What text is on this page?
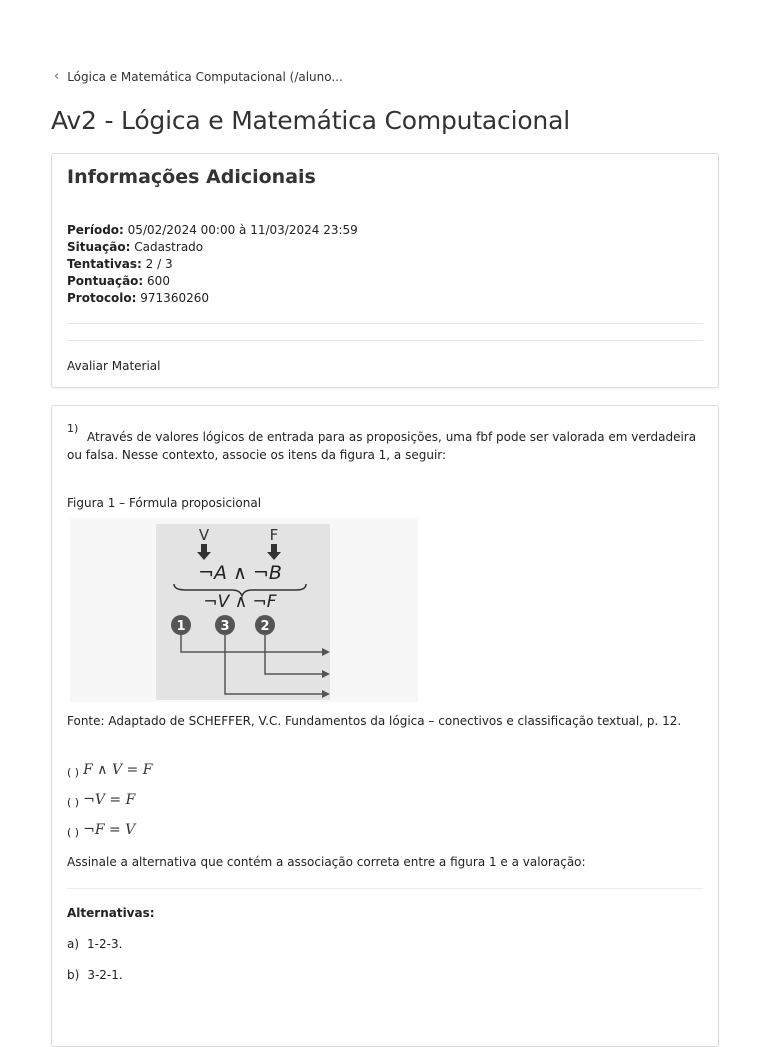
‹ Lógica e Matemática Computacional (/aluno...
Av2 - Lógica e Matemática Computacional
Informações Adicionais
Período: 05/02/2024 00:00 à 11/03/2024 23:59
Situação: Cadastrado
Tentativas: 2 / 3
Pontuação: 600
Protocolo: 971360260
Avaliar Material
1)
Através de valores lógicos de entrada para as proposições, uma fbf pode ser valorada em verdadeira ou falsa. Nesse contexto, associe os itens da figura 1, a seguir:
Figura 1 – Fórmula proposicional
V	F
¬A ∧ ¬B
¬V ∧ ¬F
1	3 2
Fonte: Adaptado de SCHEFFER, V.C. Fundamentos da lógica – conectivos e classificação textual, p. 12.
( ) F ∧ V = F
( ) ¬V = F
( ) ¬F = V
Assinale a alternativa que contém a associação correta entre a figura 1 e a valoração:
Alternativas:
a) 1-2-3.
b) 3-2-1.
